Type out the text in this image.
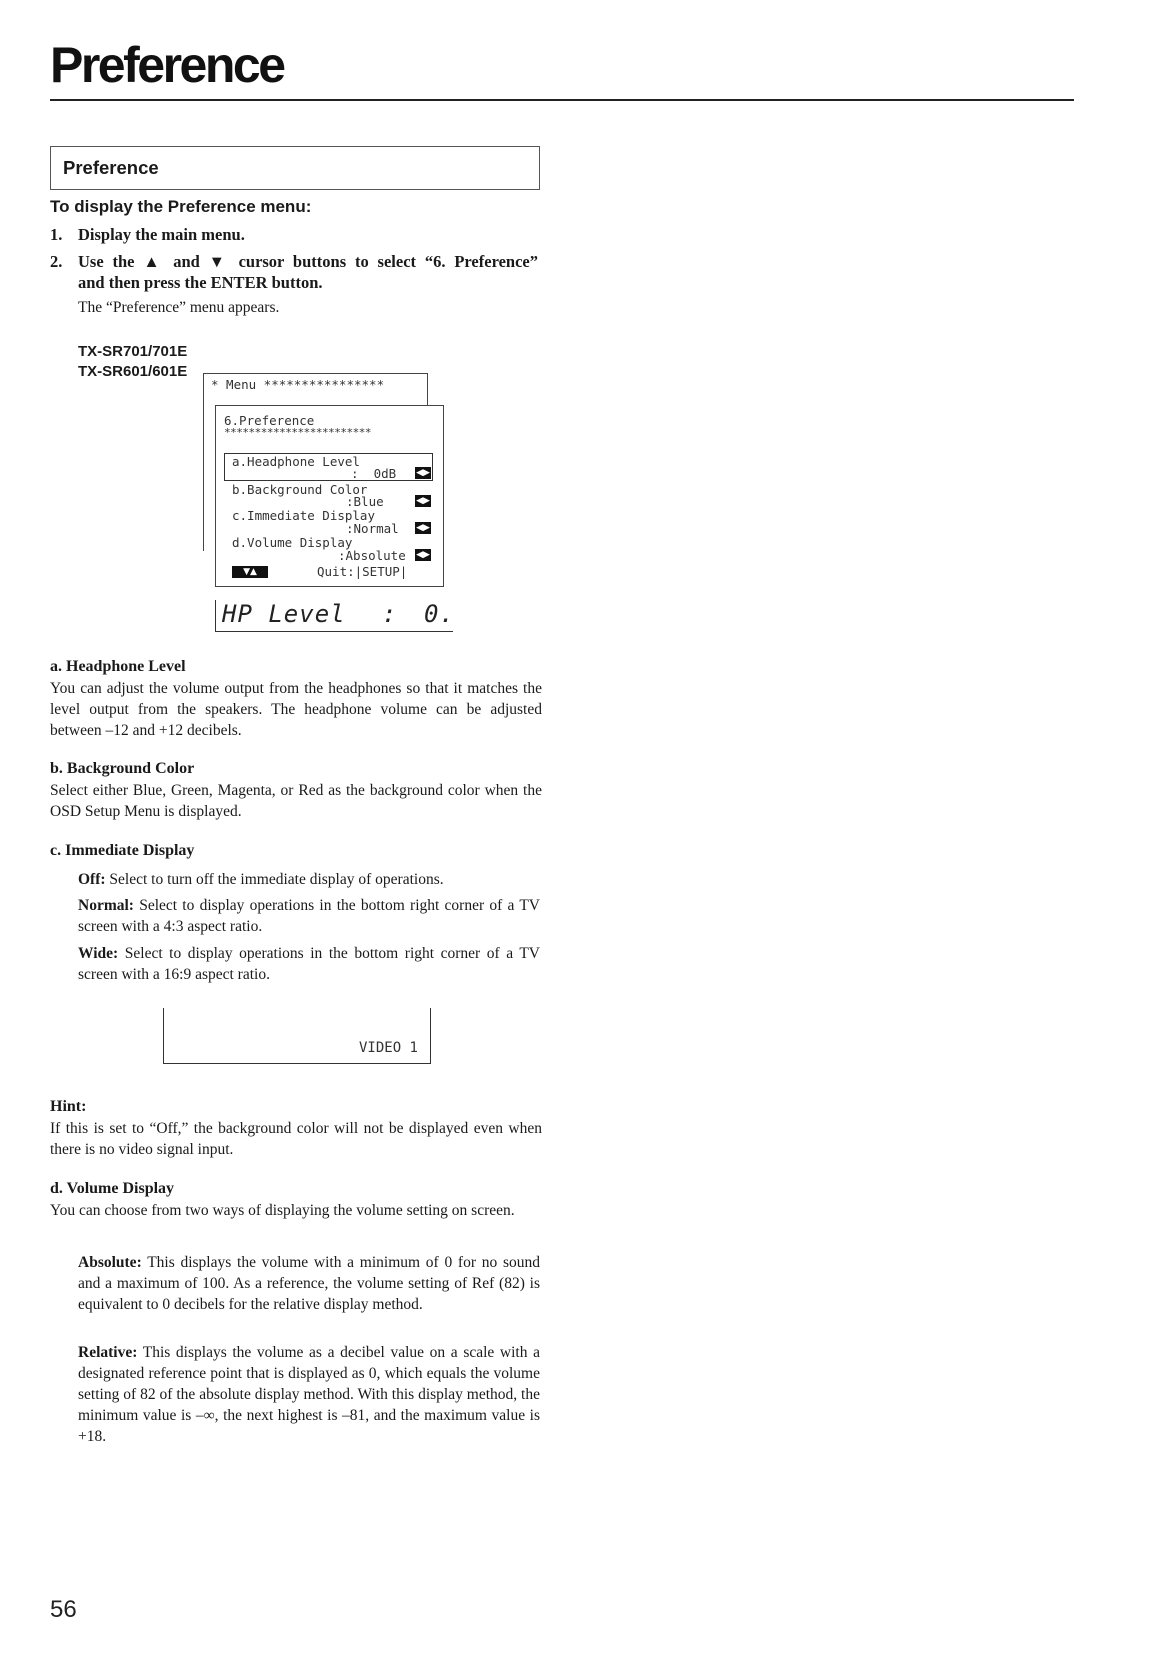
Preference
Preference
To display the Preference menu:
1. Display the main menu.
2. Use the ▲ and ▼ cursor buttons to select “6. Preference”
and then press the ENTER button.
The “Preference” menu appears.
TX-SR701/701E
TX-SR601/601E
* Menu ****************
6.Preference
************************
a.Headphone Level
:  0dB ◀▶
b.Background Color
:Blue	◀▶
c.Immediate Display
:Normal ◀▶
d.Volume Display
:Absolute ◀▶
▼▲	Quit:|SETUP|
HP Level : 0.
a. Headphone Level
You can adjust the volume output from the headphones so that it matches the level output from the speakers. The headphone volume can be adjusted between –12 and +12 decibels.
b. Background Color
Select either Blue, Green, Magenta, or Red as the background color when the OSD Setup Menu is displayed.
c. Immediate Display
Off: Select to turn off the immediate display of operations.
Normal: Select to display operations in the bottom right corner of a TV screen with a 4:3 aspect ratio.
Wide: Select to display operations in the bottom right corner of a TV screen with a 16:9 aspect ratio.
VIDEO 1
Hint:
If this is set to “Off,” the background color will not be displayed even when there is no video signal input.
d. Volume Display
You can choose from two ways of displaying the volume setting on screen.
Absolute: This displays the volume with a minimum of 0 for no sound and a maximum of 100. As a reference, the volume setting of Ref (82) is equivalent to 0 decibels for the relative display method.
Relative: This displays the volume as a decibel value on a scale with a designated reference point that is displayed as 0, which equals the volume setting of 82 of the absolute display method. With this display method, the minimum value is –∞, the next highest is –81, and the maximum value is +18.
56
